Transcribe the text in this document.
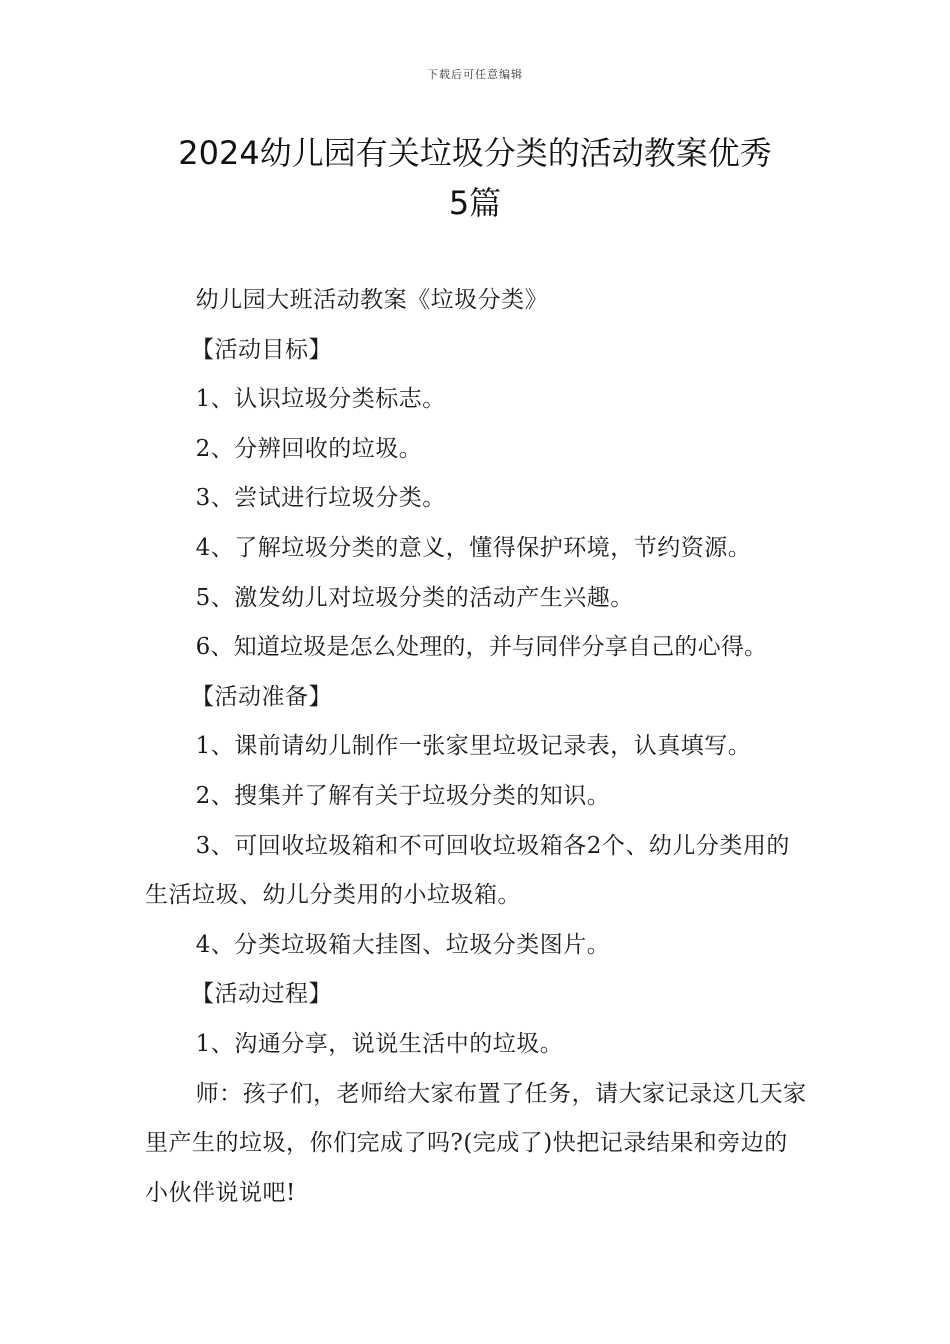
下载后可任意编辑
2024幼儿园有关垃圾分类的活动教案优秀
5篇

幼儿园大班活动教案《垃圾分类》

【活动目标】

1、认识垃圾分类标志。

2、分辨回收的垃圾。

3、尝试进行垃圾分类。

4、了解垃圾分类的意义，懂得保护环境，节约资源。

5、激发幼儿对垃圾分类的活动产生兴趣。

6、知道垃圾是怎么处理的，并与同伴分享自己的心得。

【活动准备】

1、课前请幼儿制作一张家里垃圾记录表，认真填写。

2、搜集并了解有关于垃圾分类的知识。

3、可回收垃圾箱和不可回收垃圾箱各2个、幼儿分类用的生活垃圾、幼儿分类用的小垃圾箱。

4、分类垃圾箱大挂图、垃圾分类图片。

【活动过程】

1、沟通分享，说说生活中的垃圾。

师：孩子们，老师给大家布置了任务，请大家记录这几天家里产生的垃圾，你们完成了吗?(完成了)快把记录结果和旁边的小伙伴说说吧!
